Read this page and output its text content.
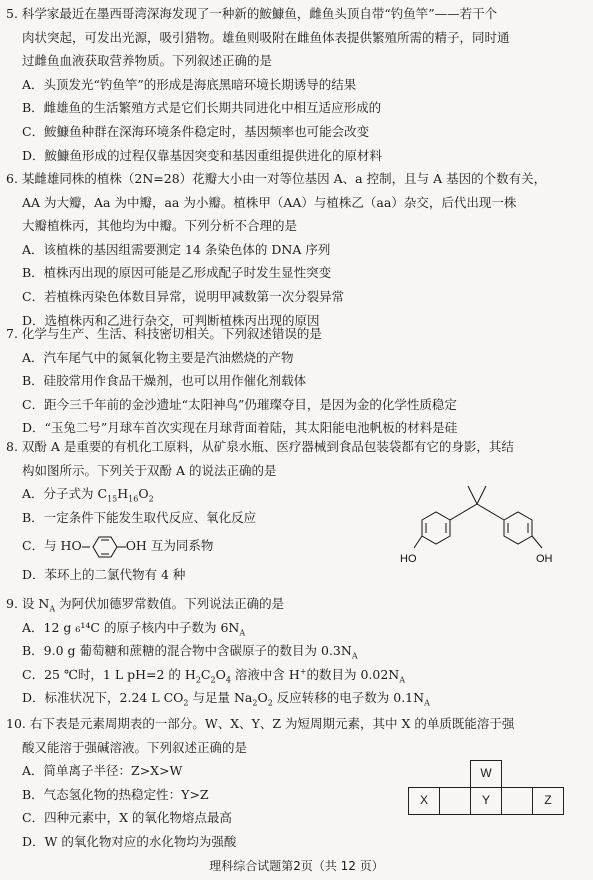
5. 科学家最近在墨西哥湾深海发现了一种新的鮟鱇鱼，雌鱼头顶自带“钓鱼竿”——若干个
肉状突起，可发出光源，吸引猎物。雄鱼则吸附在雌鱼体表提供繁殖所需的精子，同时通
过雌鱼血液获取营养物质。下列叙述正确的是
A．头顶发光“钓鱼竿”的形成是海底黑暗环境长期诱导的结果
B．雌雄鱼的生活繁殖方式是它们长期共同进化中相互适应形成的
C．鮟鱇鱼种群在深海环境条件稳定时，基因频率也可能会改变
D．鮟鱇鱼形成的过程仅靠基因突变和基因重组提供进化的原材料
6. 某雌雄同株的植株（2N=28）花瓣大小由一对等位基因 A、a 控制，且与 A 基因的个数有关，
AA 为大瓣，Aa 为中瓣，aa 为小瓣。植株甲（AA）与植株乙（aa）杂交，后代出现一株
大瓣植株丙，其他均为中瓣。下列分析不合理的是
A．该植株的基因组需要测定 14 条染色体的 DNA 序列
B．植株丙出现的原因可能是乙形成配子时发生显性突变
C．若植株丙染色体数目异常，说明甲减数第一次分裂异常
D．选植株丙和乙进行杂交，可判断植株丙出现的原因
7. 化学与生产、生活、科技密切相关。下列叙述错误的是
A．汽车尾气中的氮氧化物主要是汽油燃烧的产物
B．硅胶常用作食品干燥剂，也可以用作催化剂载体
C．距今三千年前的金沙遗址“太阳神鸟”仍璀璨夺目，是因为金的化学性质稳定
D．“玉兔二号”月球车首次实现在月球背面着陆，其太阳能电池帆板的材料是硅
8. 双酚 A 是重要的有机化工原料，从矿泉水瓶、医疗器械到食品包装袋都有它的身影，其结
构如图所示。下列关于双酚 A 的说法正确的是
A．分子式为 $C_{15}H_{16}O_2$
B．一定条件下能发生取代反应、氧化反应
C．与 HO	OH 互为同系物
D．苯环上的二氯代物有 4 种
HO	OH
9. 设 $N_A$ 为阿伏加德罗常数值。下列说法正确的是
A．12 g ₆¹⁴C 的原子核内中子数为 $6N_A$
B．9.0 g 葡萄糖和蔗糖的混合物中含碳原子的数目为 $0.3N_A$
C．25 ℃时，1 L pH=2 的 $H_2C_2O_4$ 溶液中含 H+的数目为 $0.02N_A$
D．标准状况下，2.24 L $CO_2$ 与足量 $Na_2O_2$ 反应转移的电子数为 $0.1N_A$
10. 右下表是元素周期表的一部分。W、X、Y、Z 为短周期元素，其中 X 的单质既能溶于强
酸又能溶于强碱溶液。下列叙述正确的是
A．简单离子半径：Z>X>W
B．气态氢化物的热稳定性：Y>Z
C．四种元素中，X 的氧化物熔点最高
D．W 的氧化物对应的水化物均为强酸
		W		
X		Y		Z
理科综合试题第2页（共 12 页）
